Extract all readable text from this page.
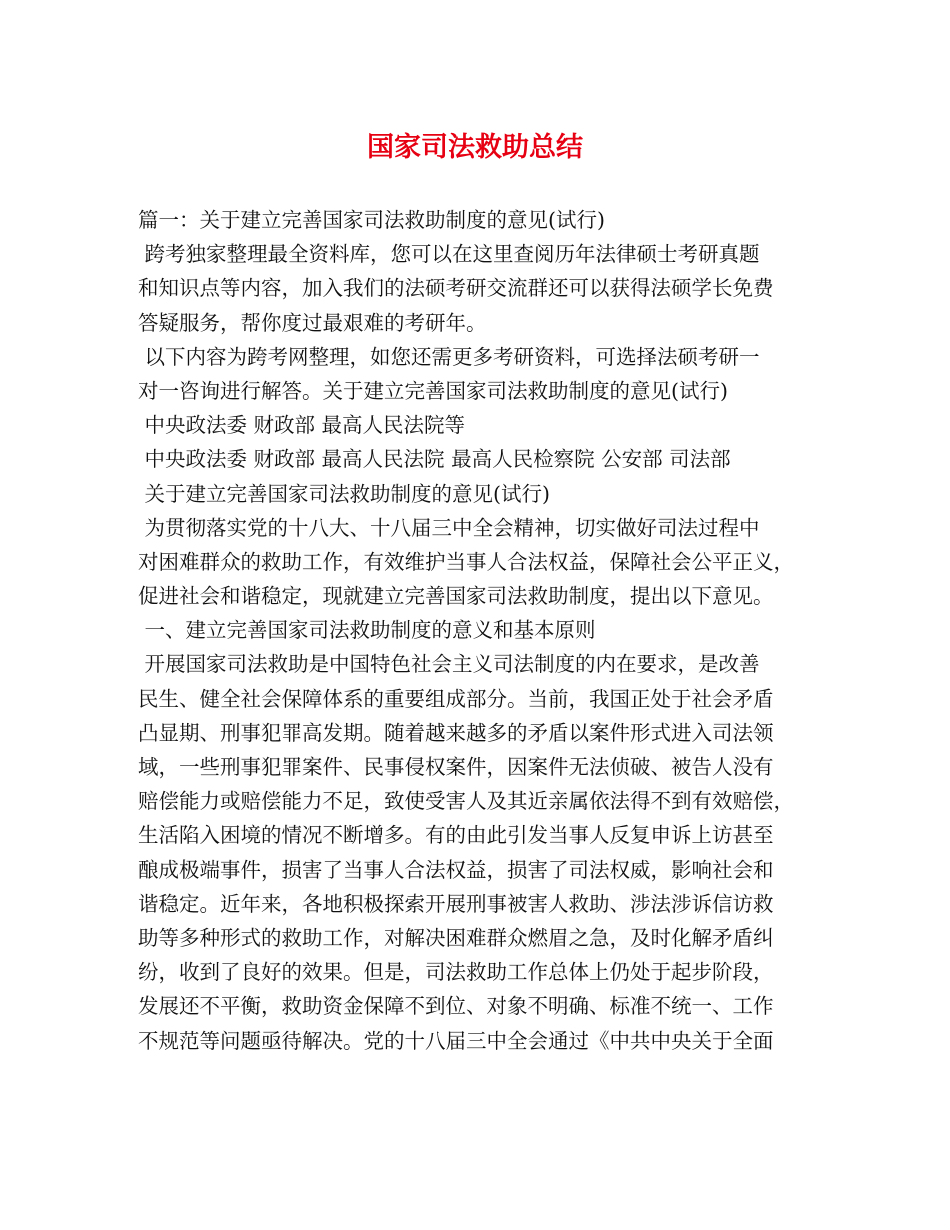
国家司法救助总结
篇一：关于建立完善国家司法救助制度的意见(试行)
跨考独家整理最全资料库，您可以在这里查阅历年法律硕士考研真题
和知识点等内容，加入我们的法硕考研交流群还可以获得法硕学长免费
答疑服务，帮你度过最艰难的考研年。
以下内容为跨考网整理，如您还需更多考研资料，可选择法硕考研一
对一咨询进行解答。关于建立完善国家司法救助制度的意见(试行)
中央政法委 财政部 最高人民法院等
中央政法委 财政部 最高人民法院 最高人民检察院 公安部 司法部
关于建立完善国家司法救助制度的意见(试行)
为贯彻落实党的十八大、十八届三中全会精神，切实做好司法过程中
对困难群众的救助工作，有效维护当事人合法权益，保障社会公平正义，
促进社会和谐稳定，现就建立完善国家司法救助制度，提出以下意见。
一、建立完善国家司法救助制度的意义和基本原则
开展国家司法救助是中国特色社会主义司法制度的内在要求，是改善
民生、健全社会保障体系的重要组成部分。当前，我国正处于社会矛盾
凸显期、刑事犯罪高发期。随着越来越多的矛盾以案件形式进入司法领
域，一些刑事犯罪案件、民事侵权案件，因案件无法侦破、被告人没有
赔偿能力或赔偿能力不足，致使受害人及其近亲属依法得不到有效赔偿，
生活陷入困境的情况不断增多。有的由此引发当事人反复申诉上访甚至
酿成极端事件，损害了当事人合法权益，损害了司法权威，影响社会和
谐稳定。近年来，各地积极探索开展刑事被害人救助、涉法涉诉信访救
助等多种形式的救助工作，对解决困难群众燃眉之急，及时化解矛盾纠
纷，收到了良好的效果。但是，司法救助工作总体上仍处于起步阶段，
发展还不平衡，救助资金保障不到位、对象不明确、标准不统一、工作
不规范等问题亟待解决。党的十八届三中全会通过《中共中央关于全面
